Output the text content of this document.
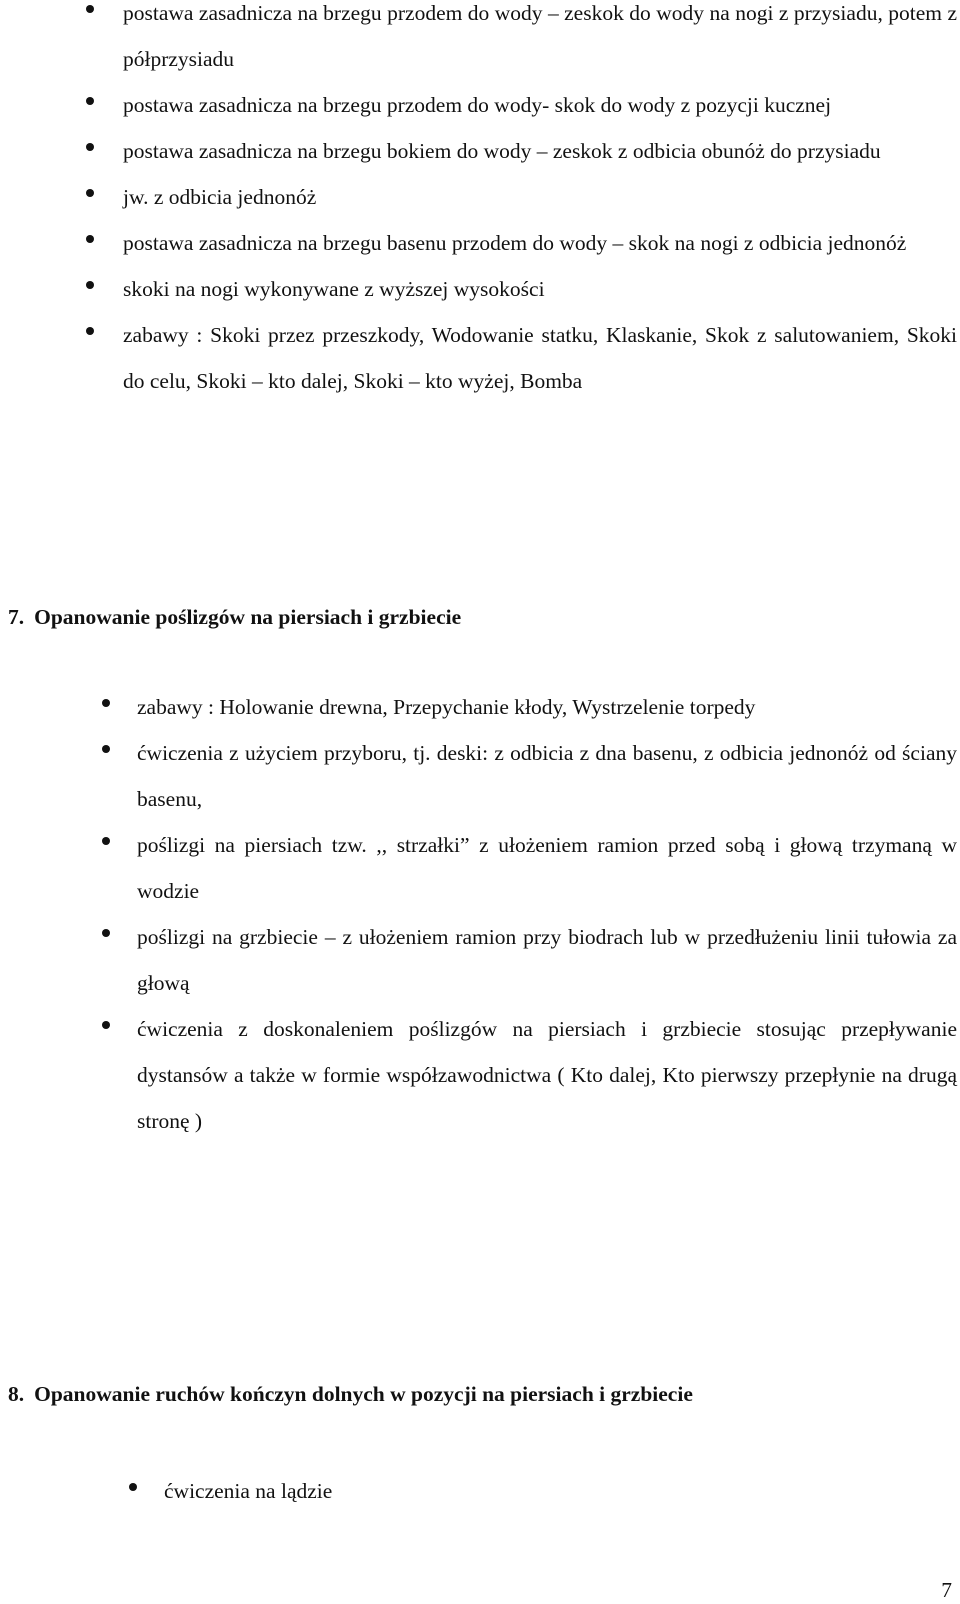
postawa zasadnicza na brzegu przodem do wody – zeskok do wody na nogi z przysiadu, potem z półprzysiadu
postawa zasadnicza na brzegu przodem do wody- skok do wody z pozycji kucznej
postawa zasadnicza na brzegu bokiem do wody – zeskok z odbicia obunóż do przysiadu
jw. z odbicia jednonóż
postawa zasadnicza na brzegu basenu przodem do wody – skok na nogi z odbicia jednonóż
skoki na nogi wykonywane z wyższej wysokości
zabawy : Skoki przez przeszkody, Wodowanie statku, Klaskanie, Skok z salutowaniem, Skoki do celu, Skoki – kto dalej, Skoki – kto wyżej, Bomba
7. Opanowanie poślizgów na piersiach i grzbiecie
zabawy : Holowanie drewna, Przepychanie kłody, Wystrzelenie torpedy
ćwiczenia z użyciem przyboru, tj. deski: z odbicia z dna basenu, z odbicia jednonóż od ściany basenu,
poślizgi na piersiach tzw. ,, strzałki” z ułożeniem ramion przed sobą i głową trzymaną w wodzie
poślizgi na grzbiecie – z ułożeniem ramion przy biodrach lub w przedłużeniu linii tułowia za głową
ćwiczenia z doskonaleniem poślizgów na piersiach i grzbiecie stosując przepływanie dystansów a także w formie współzawodnictwa ( Kto dalej, Kto pierwszy przepłynie na drugą stronę )
8. Opanowanie ruchów kończyn dolnych w pozycji na piersiach i grzbiecie
ćwiczenia na lądzie
7
